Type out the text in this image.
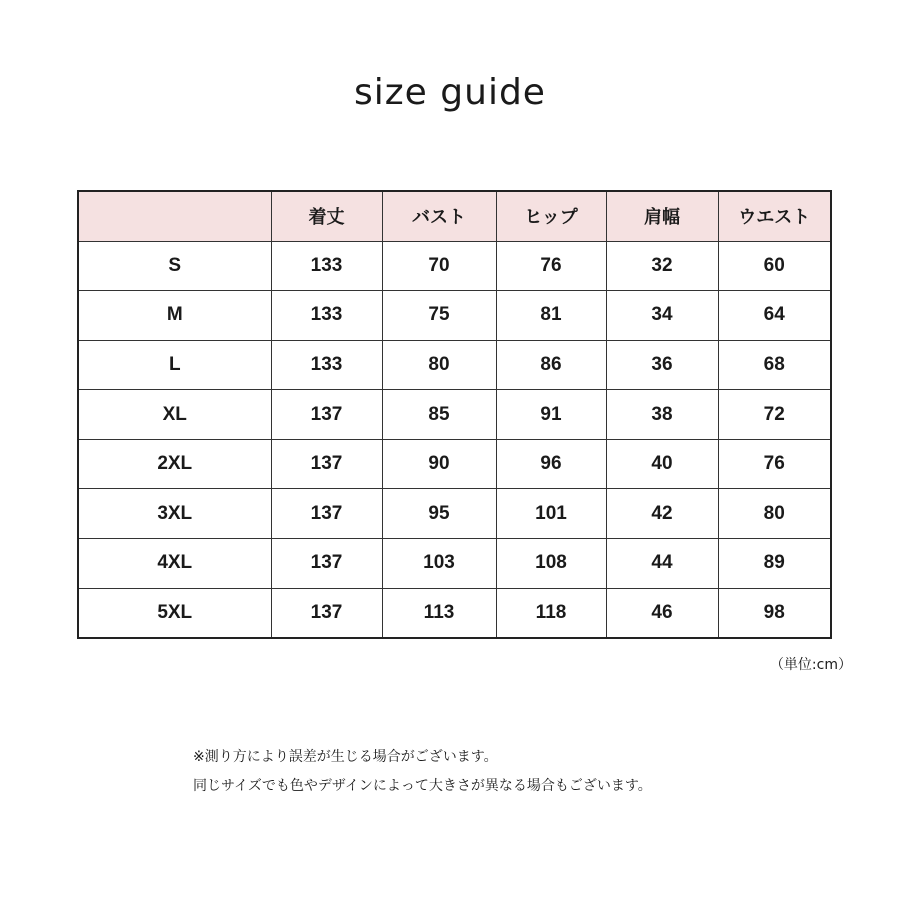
size guide
	着丈	バスト	ヒップ	肩幅	ウエスト
S	133	70	76	32	60
M	133	75	81	34	64
L	133	80	86	36	68
XL	137	85	91	38	72
2XL	137	90	96	40	76
3XL	137	95	101	42	80
4XL	137	103	108	44	89
5XL	137	113	118	46	98
（単位:cm）
※測り方により誤差が生じる場合がございます。
同じサイズでも色やデザインによって大きさが異なる場合もございます。
